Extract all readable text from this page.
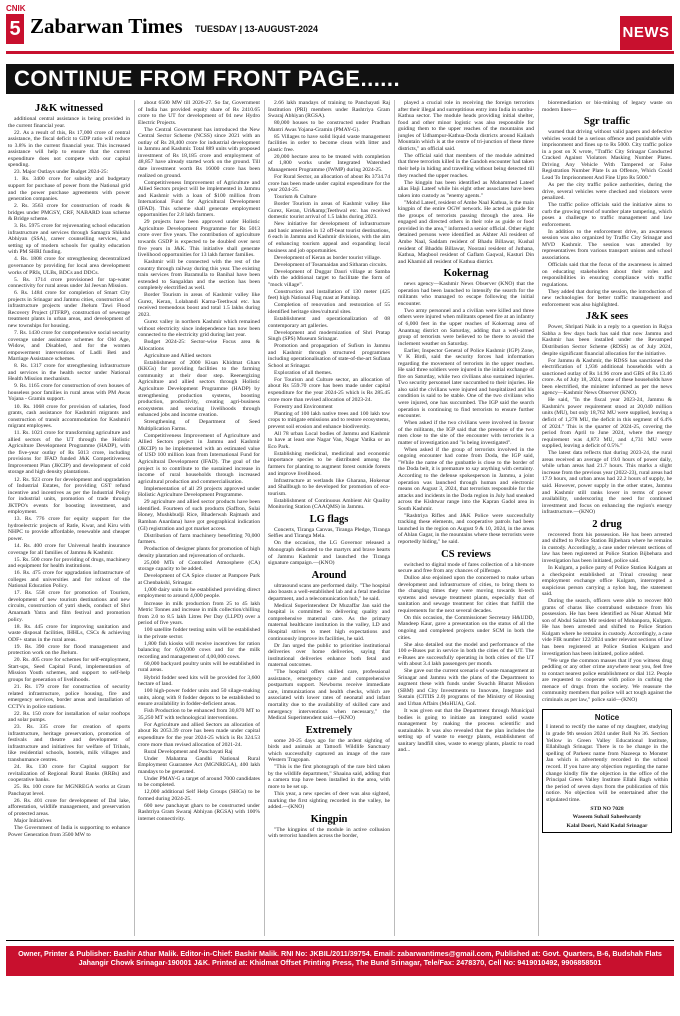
CNIK
5 Zabarwan Times TUESDAY | 13-AUGUST-2024	NEWS
CONTINUE FROM FRONT PAGE......
J&K witnessed

additional central assistance is being provided in the current financial year.

22. As a result of this, Rs 17,000 crore of central assistance, the fiscal deficit to GDP ratio will reduce to 3.8% in the current financial year. This increased assistance will help to ensure that the current expenditure does not compete with our capital spending.

23. Major Outlays under Budget 2024-25:

1. Rs. 3400 crore for subsidy and budgetary support for purchase of power from the National grid and the power purchase agreements with power generation companies.

2. Rs. 3563 crore for construction of roads & bridges under PMGSY, CRF, NABARD loan scheme & Bridge scheme.

3. Rs. 5975 crore for rejuvenating school education infrastructure and services through Samagra Shiksha Abhiyan (SSA), career counselling services, and setting up of modern schools for quality education with PM SHRI funding.

4. Rs. 1808 crore for strengthening decentralized governance by providing for local area development works of PRIs, ULBs, BDCs and DDCs.

5. Rs. 1714 crore provisioned for tap-water connectivity for rural areas under Jal Jeevan Mission.

6. Rs. 1484 crore for completion of Smart City projects in Srinagar and Jammu cities, construction of infrastructure projects under Jhelum Tawi Flood Recovery Project (JTFRP), construction of sewerage treatment plants in urban areas, and development of new townships for housing.

7. Rs. 1430 crore for comprehensive social security coverage under assistance schemes for Old Age, Widow, and Disabled, and for the women empowerment interventions of Ladli Beti and Marriage Assistance schemes.

8. Rs. 1317 crore for strengthening infrastructure and services in the health sector under National Health Mission mechanism.

9. Rs. 1165 crore for construction of own houses of houseless poor families in rural areas with PM Awas Yojana - Gramin support.

10. Rs. 1068 crore for provision of salaries, food grants, cash assistance for Kashmiri migrants and construction of transit accommodation for Kashmiri migrant employees.

11. Rs. 1021 crore for transforming agriculture and allied sectors of the UT through the Holistic Agriculture Development Programme (HADP), with the five-year outlay of Rs 5013 crore, including provisions for IFAD funded J&K Competitiveness Improvement Plan (JKCIP) and development of cold storage and high density plantations.

12. Rs. 923 crore for development and upgradation of Industrial Estates, for providing GST refund incentive and incentives as per the Industrial Policy for industrial units, promotion of trade through JKTPO's events for boosting investment, and employment.

13. Rs. 776 crore for equity support for the hydroelectric projects of Ratle, Kwar, and Kiru with NHPC to provide affordable, renewable and cheaper power.

14. Rs. 400 crore for Universal health insurance coverage for all families of Jammu & Kashmir.

15. Rs. 500 crore for providing of drugs, machinery and equipment for health institutions.

16. Rs. 475 crore for upgradation infrastructure of colleges and universities and for rollout of the National Education Policy.

17. Rs. 558 crore for promotion of Tourism, development of new tourism destinations and new circuits, construction of yatri sheds, conduct of Shri Amarnath Yatra and film festival and promotion policy.

18. Rs. 445 crore for improving sanitation and waste disposal facilities, IHHLs, CSCs & achieving ODF+ status in the rural areas.

19. Rs. 390 crore for flood management and protection work on the Jhelum.

20. Rs. 405 crore for schemes for self-employment, Start-ups, Seed Capital Fund, implementation of Mission Youth schemes, and support to self-help groups for generation of livelihoods.

21. Rs. 179 crore for construction of security related infrastructure, police housing, fire and emergency services, border areas and installation of CCTVs in police stations.

22. Rs. 150 crore for installation of solar rooftops and solar pumps.

23. Rs. 335 crore for creation of sports infrastructure, heritage preservation, promotion of festivals and theatre and development of infrastructure and initiatives for welfare of Tribals, like residential schools, hostels, milk villages and transhumance centres.

24. Rs. 130 crore for Capital support for revitalization of Regional Rural Banks (RRBs) and cooperative banks.

25. Rs. 100 crore for MGNREGA works at Gram Panchayat level.

26. Rs. 401 crore for development of Dal lake, afforestation, wildlife management, and preservation of protected areas.

Major Initiatives

The Government of India is supporting to enhance Power Generation from 3500 MW to

about 6500 MW till 2026-27. So far, Government of India has provided equity share of Rs 2410.65 crore to the UT for development of 04 new Hydro Electric Projects.

The Central Government has introduced the New Central Sector Scheme (NCSS) since 2021 with an outlay of Rs 28,400 crore for industrial development in Jammu and Kashmir. Total 889 units with proposed investment of Rs 18,185 crore and employment of 48,857 have already started work on the ground. Till date investment worth Rs 16000 crore has been realized on ground.

Competitiveness Improvement of Agriculture and Allied Sectors project will be implemented in Jammu and Kashmir with a loan of $100 million from International Fund for Agricultural Development (IFAD). This scheme shall generate employment opportunities for 2.8 lakh farmers.

29 projects have been approved under Holistic Agriculture Development Programme for Rs 5013 crore over five years. The contribution of agriculture towards GSDP is expected to be doubled over next five years in J&K. This initiative shall generate livelihood opportunities for 13 lakh farmer families.

Kashmir will be connected with the rest of the country through railway during this year. The existing train services from Baramulla to Banihal have been extended to Sangaldan and the section has been completely electrified as well.

Border Tourism in areas of Kashmir valley like Gurez, Keran, Lolabandi Karna-Teethwal etc. has received tremendous boost and total 1.5 lakhs during 2023.

Gurez valley in northern Kashmir which remained without electricity since independence has now been connected to the electricity grid during last year.

Budget 2024-25: Sector-wise Focus area & Allocations

Agriculture and Allied sectors

Establishment of 2000 Kisan Khidmat Ghars (KKGs) for providing facilities to the farming community at their door step. Reenergizing Agriculture and allied sectors through Holistic Agriculture Development Programme (HADP) by strengthening production systems, boosting production, productivity, creating agri-business ecosystems and securing livelihoods through enhanced jobs and income creation.

Strengthening of Department of Seed Multiplication Farms.

Competitiveness Improvement of Agriculture and Allied Sectors project in Jammu and Kashmir (JKCIP) to be implemented with an estimated value of USD 100 million loan from International Fund for Agricultural Development (IFAD). The goal of the project is to contribute to the sustained increase in income of rural households through increased agricultural production and commercialisation.

Implementation of all 29 projects approved under Holistic Agriculture Development Programme.

29 agriculture and allied sector products have been identified. Fourteen of such products (Saffron, Sulai Honey, Mushkbudji Rice, Bhaderwah Rajmash and Ramban Anardana) have got geographical indication (GI) registration and got market access.

Distribution of farm machinery benefitting 70,000 farmers.

Production of designer plants for promotion of high density plantation and rejuvenation of orchards.

25,000 MTs of Controlled Atmosphere (CA) storage capacity to be added.

Development of CA Spice cluster at Pampore Park at Chenbakshi, Srinagar.

1,000 dairy units to be established providing direct employment to around 4,000 people.

Increase in milk production from 25 to 45 lakh Metric Tonnes and increase in milk collection/chilling from 2.0 to 8.5 lakh Litres Per Day (LLPD) over a period of five years.

100 satellite fodder testing units will be established in the private sector.

1,800 fish kiosks will receive incentives for ration balancing for 6,00,000 cows and for the milk recording and management of 4,00,000 cows.

60,000 backyard poultry units will be established in rural areas.

Hybrid fodder seed kits will be provided for 3,600 hectare of land.

100 high-power fodder units and 50 silage-making units, along with 8 fodder depots to be established to ensure availability in fodder-deficient areas.

Fish Production to be enhanced from 30,870 MT to 35,250 MT with technological interventions.

For Agriculture and allied Sectors an allocation of about Rs 2053.39 crore has been made under capital expenditure for the year 2024-25 which is Rs 324.53 crore more than revised allocation of 2021-24.

Rural Development and Panchayati Raj

Under Mahatma Gandhi National Rural Employment Guarantee Act (MGNREGA), 400 lakh mandays to be generated.

Under PMAY-G a target of around 7000 candidates to be completed.

12,000 additional Self Help Groups (SHGs) to be formed during 2024-25.

600 new panchayat ghars to be constructed under Rashtriya Gram Swaraj Abhiyan (RGSA) with 100% internet connectivity.

2.66 lakh mandays of training to Panchayati Raj Institution (PRI) members under Rashtriya Gram Swaraj Abhiyan (RGSA).

80,000 houses to be constructed under Pradhan Mantri Awas Yojana-Gramin (PMAY-G).

85 Villages to have solid liquid waste management facilities in order to become clean with litter and plastic free.

20,000 hectare area to be treated with completion of 1,800 works under Integrated Watershed Management Programme (IWMP) during 2024-25.

For Rural Sector, an allocation of about Rs 3734.74 crore has been made under capital expenditure for the year 2024-25.

Tourism & Culture

Border Tourism in areas of Kashmir valley like Gurez, Keran, Uri&amp;Teethwal etc. has received domestic tourist arrival of 1.5 lakhs during 2023.

New initiative for development of infrastructure and basic amenities in 12 off-beat tourist destinations, 6 each in Jammu and Kashmir divisions, with the aim of enhancing tourism appeal and expanding local business and job opportunities.

Development of Keran as border tourist village.

Development of Tosamaidan and Sitharan circuits.

Development of Duggar Dauri village at Samba with the additional target to facilitate the form of "mock village".

Construction and installation of 130 meter (425 feet) high National Flag mast at Patnitop.

Completion of renovation and restoration of 55 identified heritage sites/cultural sites.

Establishment and operationalization of 08 contemporary art galleries.

Development and modernization of Shri Pratap Singh (SPS) Museum Srinagar.

Promotion and propagation of Sufism in Jammu and Kashmir through structured programmes including operationalisation of state-of-the-art Sufiana School at Srinagar.

Exploration of all themes.

For Tourism and Culture sector, an allocation of about Rs 559.70 crore has been made under capital expenditure for the year 2024-25 which is Rs 285.45 crore more than revised allocation of 2023-24.

Forestry and Environment

Planting of 100 lakh native trees and 100 lakh tow crops to mitigate emissions and to restore ecosystems, prevent soil erosion and enhance biodiversity.

All 78 urban Local bodies of Jammu and Kashmir to have at least one Nagar Van, Nagar Vatika or an Eco Park.

Establishing medicinal, medicinal and economic importance species to be distributed among the farmers for planting to augment forest outside forests and improve livelihood.

Infrastructure at wetlands like Gharana, Hokersar and Shallbugh to be developed for promotion of eco-tourism.

Establishment of Continuous Ambient Air Quality Monitoring Station (CAAQMS) in Jammu.

LG flags

Concerts, Tiranga Canvas, Tiranga Pledge, Tiranga Selfies and Tiranga Mela.

On the occasion, the LG Governor released a Monograph dedicated to the martyrs and brave hearts of Jammu Kashmir and launched the Tiranga signature campaign.—(KNO)

Around

ultrasound scans are performed daily. "The hospital also boasts a well-established lab and a fetal medicine department, and a telecomunication hub," he said.

Medical Superintendent Dr Muzaffar Jan said the hospital is committed to delivering quality and comprehensive maternal care. As the primary maternal healthcare institution in the valley, LD and Hospital strives to meet high expectations and continuously improve its facilities, he said.

Dr Jan urged the public to prioritise institutional deliveries over home deliveries, saying that institutional deliveries enhance both fetal and maternal outcomes.

"The hospital offers skilled care, professional assistance, emergency care and comprehensive postpartum support. Newborns receive immediate care, immunizations and health checks, which are associated with lower rates of neonatal and infant mortality due to the availability of skilled care and emergency interventions when necessary," the Medical Superintendent said.—(KNO)

Extremely

some 20-25 days ago for the ardent sighting of birds and animals at Tattoofi Wildlife Sanctuary which successfully captured an image of the rare Western Tragopan.

"This is the first photograph of the rare bird taken by the wildlife department," Shaaina said, adding that a camera trap have been installed in the area, with more to be set up.

This year, a new species of deer was also sighted, marking the first sighting recorded in the valley, he added.—(KNO)

Kingpin

"The kingpins of the module in active collusion with terrorist handlers across the border,

played a crucial role in receiving the foreign terrorists after their illegal and surreptitious entry into India in sambu-Kathua sector. The module heads providing initial shelter, food and other minor logistic was also responsible for guiding them to the upper reaches of the mountains and jungles of Udhampur-Kathua-Doda districts around Kailash Mountain which is at the centre of tri-junction of these three districts," an official said.

The official said that members of the module admitted that three terrorists killed in the Gandoh encounter had taken their help in hiding and travelling without being detected till they reached the upper reaches.

The kingpin has been identified as Mohammed Lateef alias Haji Lateef while his eight other associates have been taken into custody as "enemy agents."

"Mohd Lateef, resident of Ambe Naal Kathua, is the main kingpin of the entire OGW network. He acted as guide for the groups of terrorists passing through the area. He engaged and directed others in their role as guide or food provided in the area," informed a senior official. Other eight detained persons were identified as Akhter Ali resident of Ambe Naal, Saddam resident of Bhadu Billawar, Kushal resident of Bhaddu Billawar, Noorani resident of Juthana, Kathua, Maqbool resident of Gaflam Gaqwal, Kasturi Din and Khamid all resident of Kathua district.

Kokernag

news agency—Kashmir News Observer (KNO) that the operation had been launched to intensify the search for the militants who managed to escape following the initial encounter.

Two army personnel and a civilian were killed and three others were injured when militants opened fire at an infantry of 6,000 feet in the upper reaches of Kokernag area of Anantnag district on Saturday, adding that a well-armed group of terrorists were believed to be there to avoid the inclement weather on Saturday.

Earlier, Inspector General of Police Kashmir (IGP) Zone, V K Birdi, said the security forces had information regarding the movement of terrorists in the upper reaches. He said three soldiers were injured in the initial exchange of fire on Saturday, while two civilians also sustained injuries. Two security personnel later succumbed to their injuries. He also said the civilians were injured and hospitalized and his condition is said to be stable. One of the two civilians who were injured, one has succumbed. The IGP said the search operation is continuing to find terrorists to ensure further encounter.

When asked if the two civilians were involved in favour of the militants, the IGP said that the presence of the two men close to the site of the encounter with terrorists is a matter of investigation and "is being investigated".

When asked if the group of terrorists involved in the ongoing encounter had come from Doda, the IGP said, "While the name of the gunbattle is close to the border of the Doda belt, it is premature to say anything with certainty. According to the defense spokesperson in Jammu, a joint operation was launched through human and electronic means on August 3, 2024, that terrorists responsible for the attacks and incidents in the Doda region in July had sneaked across the Kishtwar range into the Kapran Gadol area in South Kashmir.

"Rashtriya Rifles and J&K Police were successfully tracking these elements, and cooperative patrols had been launched in the region on August 9 & 10, 2024, in the areas of Ahlan Gagar, in the mountains where these terrorists were reportedly hiding," he said.

CS reviews

switched to digital mode of fares collection of a hit-more secure and free from any chances of pilferage.

Dulloo also enjoined upon the concerned to make urban development and infrastructure of cities, to bring them to the changing times they were moving towards hi-tech systems and sewage treatment plants, especially that of sanitation and sewage treatment for cities that fulfill the requirements for the next several decades.

On this occasion, the Commissioner Secretary H&UDD, Mandeep Kaur, gave a presentation on the status of all the ongoing and completed projects under SCM in both the cities.

She also detailed out the model and performance of the 100 e-Buses put in service in both the cities of the UT. The e-Buses are successfully operating in both cities of the UT with about 3.4 lakh passengers per month.

She gave out the current scenario of waste management at Srinagar and Jammu with the plans of the Department to augment these with funds under Swachh Bharat Mission (SBM) and City Investments to Innovate, Integrate and Sustain (CITIIS 2.0) programs of the Ministry of Housing and Urban Affairs (MoHUA), GoI.

It was given out that the Department through Municipal bodies is going to initiate an integrated solid waste management by making the process scientific and sustainable. It was also revealed that the plan includes the setting up of waste to energy plants, establishment of sanitary landfill sites, waste to energy plants, plastic to road and...

bioremediation or bio-mining of legacy waste on modern lines—

Sgr traffic

warned that driving without valid papers and defective vehicles would be a serious offence and punishable with imprisonment and fines up to Rs 5000. City traffic police in a post on X wrote, "Traffic City Srinagar Conducted Cracked Against Violators Masking Number Plates. Driving Any Vehicle With Tampered or False Registration Number Plate Is an Offence, Which Could Lead To Imprisonment And Fine Upto Rs 5000."

As per the city traffic police authorities, during the drive, several vehicles were checked and violators were penalized.

The traffic police officials said the initiative aims to curb the growing trend of number plate tampering, which poses a challenge to traffic management and law enforcement.

In addition to the enforcement drive, an awareness session was also organized by Traffic City Srinagar and MVD Kashmir. The session was attended by representatives from various transport unions and school associations.

Officials said that the focus of the awareness is aimed on educating stakeholders about their roles and responsibilities in ensuring compliance with traffic regulations.

They added that during the session, the introduction of new technologies for better traffic management and enforcement was also highlighted.

J&K sees

Power, Shripati Naik in a reply to a question in Rajya Sabha a few days back has said that now Jammu and Kashmir has been installed under the Revamped Distribution Sector Scheme (RDSS) as of July 2024, despite significant financial allocation for the initiative.

For Jammu & Kashmir, the RDSS has sanctioned the electrification of 1,936 additional households with a sanctioned outlay of Rs 14.96 crore and GBS of Rs 13.46 crore. As of July 18, 2024, none of these households have been electrified, the minister informed as per the news agency—Kashmir News Observer (KNO).

He said, "In the fiscal year 2023-24, Jammu & Kashmir's power requirement stood at 20,040 million units (MU), but only 18,762 MU were supplied, leaving a deficit of 1,278 MU, the deficit in this segment of 6.4% of 2024." This is the quarter of 2024-25, covering the period from April to June 2024, where the energy requirement was 4,873 MU, and 4,731 MU were supplied, leaving a deficit of 0.5%."

The latest data reflects that during 2023-24, the rural areas received an average of 19.0 hours of power daily, while urban areas had 21.7 hours. This marks a slight increase from the previous year (2022-23), rural areas had 17.9 hours, and urban areas had 22.2 hours of supply, he said. However, power supply in the other states, Jammu and Kashmir still ranks lower in terms of power availability, underscoring the need for continued investment and focus on enhancing the region's energy infrastructure.—(KNO)

2 drug

recovered from his possession. He has been arrested and shifted to Police Station Bijbehara where he remains in custody. Accordingly, a case under relevant sections of law has been registered at Police Station Bijbehara and investigation has been initiated, police said.

In Kulgam, a police party of Police Station Kulgam at a checkpoint established at Trinal crossing near employment exchange office Kulgam, intercepted a suspicious person carrying a nylon bag, the statement said.

During the search, officers were able to recover 800 grams of charas like contraband substance from his possession. He has been identified as Nisar Ahmad Mir son of Abdul Salam Mir resident of Mohanpora, Kulgam. He has been arrested and shifted to Police Station Kulgam where he remains in custody. Accordingly, a case vide FIR number 122/2024 under relevant sections of law has been registered at Police Station Kulgam and investigation has been initiated, police added.

"We urge the common masses that if you witness drug peddling or any other crime anywhere near you, feel free to contact nearest police establishment or dial 112. People are requested to cooperate with police in curbing the menace of drugs from the society. We reassure the community members that police will act tough against the criminals as per law," police said—(KNO)

Notice
I intend to rectify the name of my daughter, studying in grade 9th session 2024 under Roll No 36. Section Yellow in Green Valley Educational Institute, Ellahibagh Srinagar. There is to be change in the spelling of Parkeez name from Nazeeqa to Monster Jan which is advertently recorded in the school record. If you have any objection regarding the name change kindly file the objection in the office of the Principal Green Valley Institute Ellahi Bagh within the period of seven days from the publication of this notice. No objection will be entertained after the stipulated time.
STD NO 7028
Waseem Suhail Saheelwardy
Kalal Doori, Naid Kadal Srinagar
Owner, Printer & Publisher: Bashir Athar Malik. Editor-in-Chief: Bashir Malik. RNI No: JKBIL/2011/39754. Email: zabarwantimes@gmail.com, Published at: Govt. Quarters, B-6, Budshah Flats
Jahangir Chowk Srinagar-190001 J&K. Printed at: Khidmat Offset Printing Press, The Bund Srinagar, Tele/Fax: 2478370, Cell No: 9419010492, 9906858501
